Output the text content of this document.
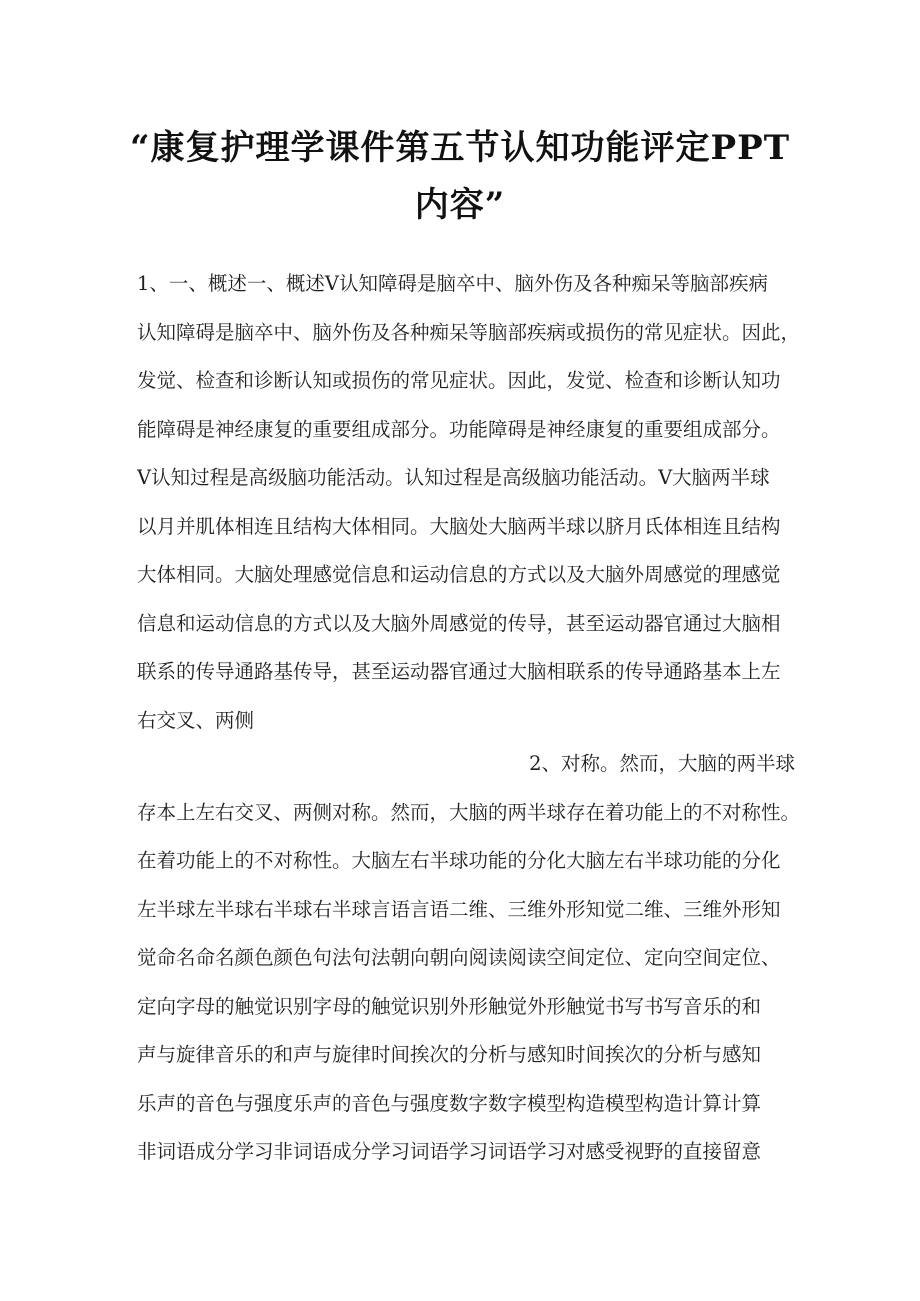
“康复护理学课件第五节认知功能评定PPT
内容”
1、一、概述一、概述V认知障碍是脑卒中、脑外伤及各种痴呆等脑部疾病
认知障碍是脑卒中、脑外伤及各种痴呆等脑部疾病或损伤的常见症状。因此，
发觉、检查和诊断认知或损伤的常见症状。因此，发觉、检查和诊断认知功
能障碍是神经康复的重要组成部分。功能障碍是神经康复的重要组成部分。
V认知过程是高级脑功能活动。认知过程是高级脑功能活动。V大脑两半球
以月并肌体相连且结构大体相同。大脑处大脑两半球以脐月氐体相连且结构
大体相同。大脑处理感觉信息和运动信息的方式以及大脑外周感觉的理感觉
信息和运动信息的方式以及大脑外周感觉的传导，甚至运动器官通过大脑相
联系的传导通路基传导，甚至运动器官通过大脑相联系的传导通路基本上左
右交叉、两侧
2、对称。然而，大脑的两半球
存本上左右交叉、两侧对称。然而，大脑的两半球存在着功能上的不对称性。
在着功能上的不对称性。大脑左右半球功能的分化大脑左右半球功能的分化
左半球左半球右半球右半球言语言语二维、三维外形知觉二维、三维外形知
觉命名命名颜色颜色句法句法朝向朝向阅读阅读空间定位、定向空间定位、
定向字母的触觉识别字母的触觉识别外形触觉外形触觉书写书写音乐的和
声与旋律音乐的和声与旋律时间挨次的分析与感知时间挨次的分析与感知
乐声的音色与强度乐声的音色与强度数字数字模型构造模型构造计算计算
非词语成分学习非词语成分学习词语学习词语学习对感受视野的直接留意
